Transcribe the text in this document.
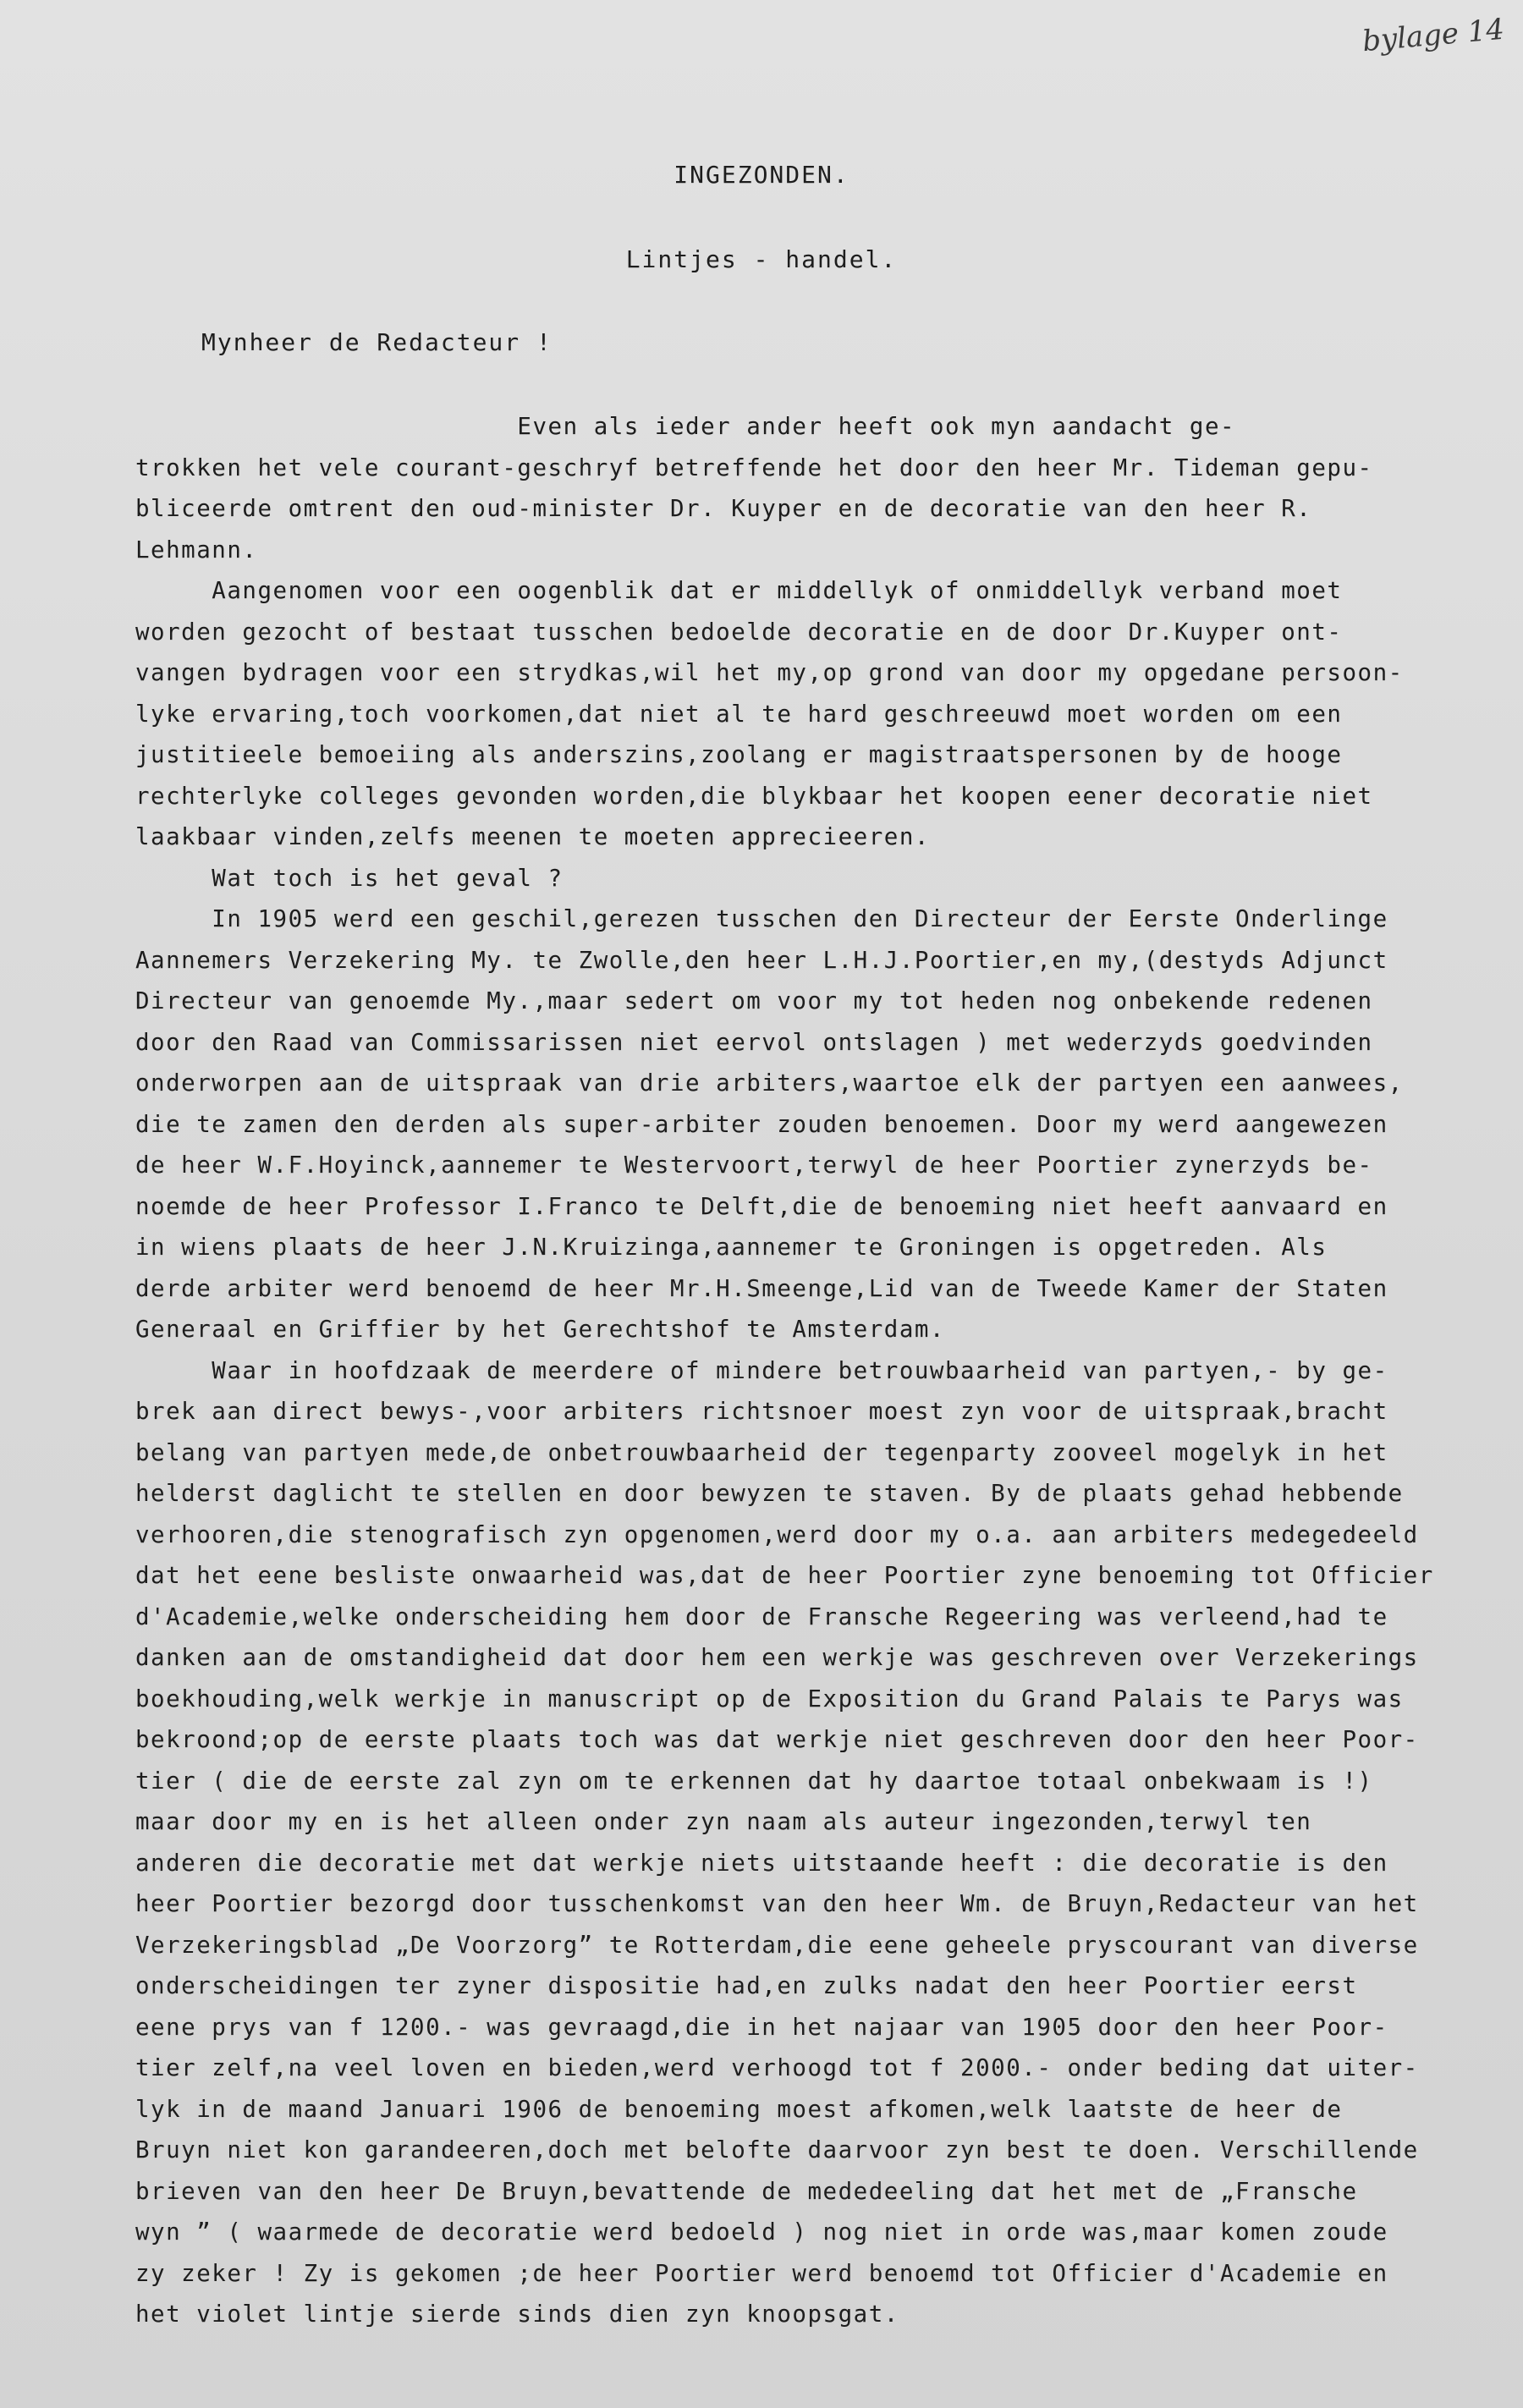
bylage 14
INGEZONDEN.
Lintjes - handel.
Mynheer de Redacteur !
Even als ieder ander heeft ook myn aandacht ge-
trokken het vele courant-geschryf betreffende het door den heer Mr. Tideman gepu-
bliceerde omtrent den oud-minister Dr. Kuyper en de decoratie van den heer R.
Lehmann.
Aangenomen voor een oogenblik dat er middellyk of onmiddellyk verband moet
worden gezocht of bestaat tusschen bedoelde decoratie en de door Dr.Kuyper ont-
vangen bydragen voor een strydkas,wil het my,op grond van door my opgedane persoon-
lyke ervaring,toch voorkomen,dat niet al te hard geschreeuwd moet worden om een
justitieele bemoeiing als anderszins,zoolang er magistraatspersonen by de hooge
rechterlyke colleges gevonden worden,die blykbaar het koopen eener decoratie niet
laakbaar vinden,zelfs meenen te moeten apprecieeren.
Wat toch is het geval ?
In 1905 werd een geschil,gerezen tusschen den Directeur der Eerste Onderlinge
Aannemers Verzekering My. te Zwolle,den heer L.H.J.Poortier,en my,(destyds Adjunct
Directeur van genoemde My.,maar sedert om voor my tot heden nog onbekende redenen
door den Raad van Commissarissen niet eervol ontslagen ) met wederzyds goedvinden
onderworpen aan de uitspraak van drie arbiters,waartoe elk der partyen een aanwees,
die te zamen den derden als super-arbiter zouden benoemen. Door my werd aangewezen
de heer W.F.Hoyinck,aannemer te Westervoort,terwyl de heer Poortier zynerzyds be-
noemde de heer Professor I.Franco te Delft,die de benoeming niet heeft aanvaard en
in wiens plaats de heer J.N.Kruizinga,aannemer te Groningen is opgetreden. Als
derde arbiter werd benoemd de heer Mr.H.Smeenge,Lid van de Tweede Kamer der Staten
Generaal en Griffier by het Gerechtshof te Amsterdam.
Waar in hoofdzaak de meerdere of mindere betrouwbaarheid van partyen,- by ge-
brek aan direct bewys-,voor arbiters richtsnoer moest zyn voor de uitspraak,bracht
belang van partyen mede,de onbetrouwbaarheid der tegenparty zooveel mogelyk in het
helderst daglicht te stellen en door bewyzen te staven. By de plaats gehad hebbende
verhooren,die stenografisch zyn opgenomen,werd door my o.a. aan arbiters medegedeeld
dat het eene besliste onwaarheid was,dat de heer Poortier zyne benoeming tot Officier
d'Academie,welke onderscheiding hem door de Fransche Regeering was verleend,had te
danken aan de omstandigheid dat door hem een werkje was geschreven over Verzekerings
boekhouding,welk werkje in manuscript op de Exposition du Grand Palais te Parys was
bekroond;op de eerste plaats toch was dat werkje niet geschreven door den heer Poor-
tier ( die de eerste zal zyn om te erkennen dat hy daartoe totaal onbekwaam is !)
maar door my en is het alleen onder zyn naam als auteur ingezonden,terwyl ten
anderen die decoratie met dat werkje niets uitstaande heeft : die decoratie is den
heer Poortier bezorgd door tusschenkomst van den heer Wm. de Bruyn,Redacteur van het
Verzekeringsblad „De Voorzorg” te Rotterdam,die eene geheele pryscourant van diverse
onderscheidingen ter zyner dispositie had,en zulks nadat den heer Poortier eerst
eene prys van f 1200.- was gevraagd,die in het najaar van 1905 door den heer Poor-
tier zelf,na veel loven en bieden,werd verhoogd tot f 2000.- onder beding dat uiter-
lyk in de maand Januari 1906 de benoeming moest afkomen,welk laatste de heer de
Bruyn niet kon garandeeren,doch met belofte daarvoor zyn best te doen. Verschillende
brieven van den heer De Bruyn,bevattende de mededeeling dat het met de „Fransche
wyn ” ( waarmede de decoratie werd bedoeld ) nog niet in orde was,maar komen zoude
zy zeker ! Zy is gekomen ;de heer Poortier werd benoemd tot Officier d'Academie en
het violet lintje sierde sinds dien zyn knoopsgat.
